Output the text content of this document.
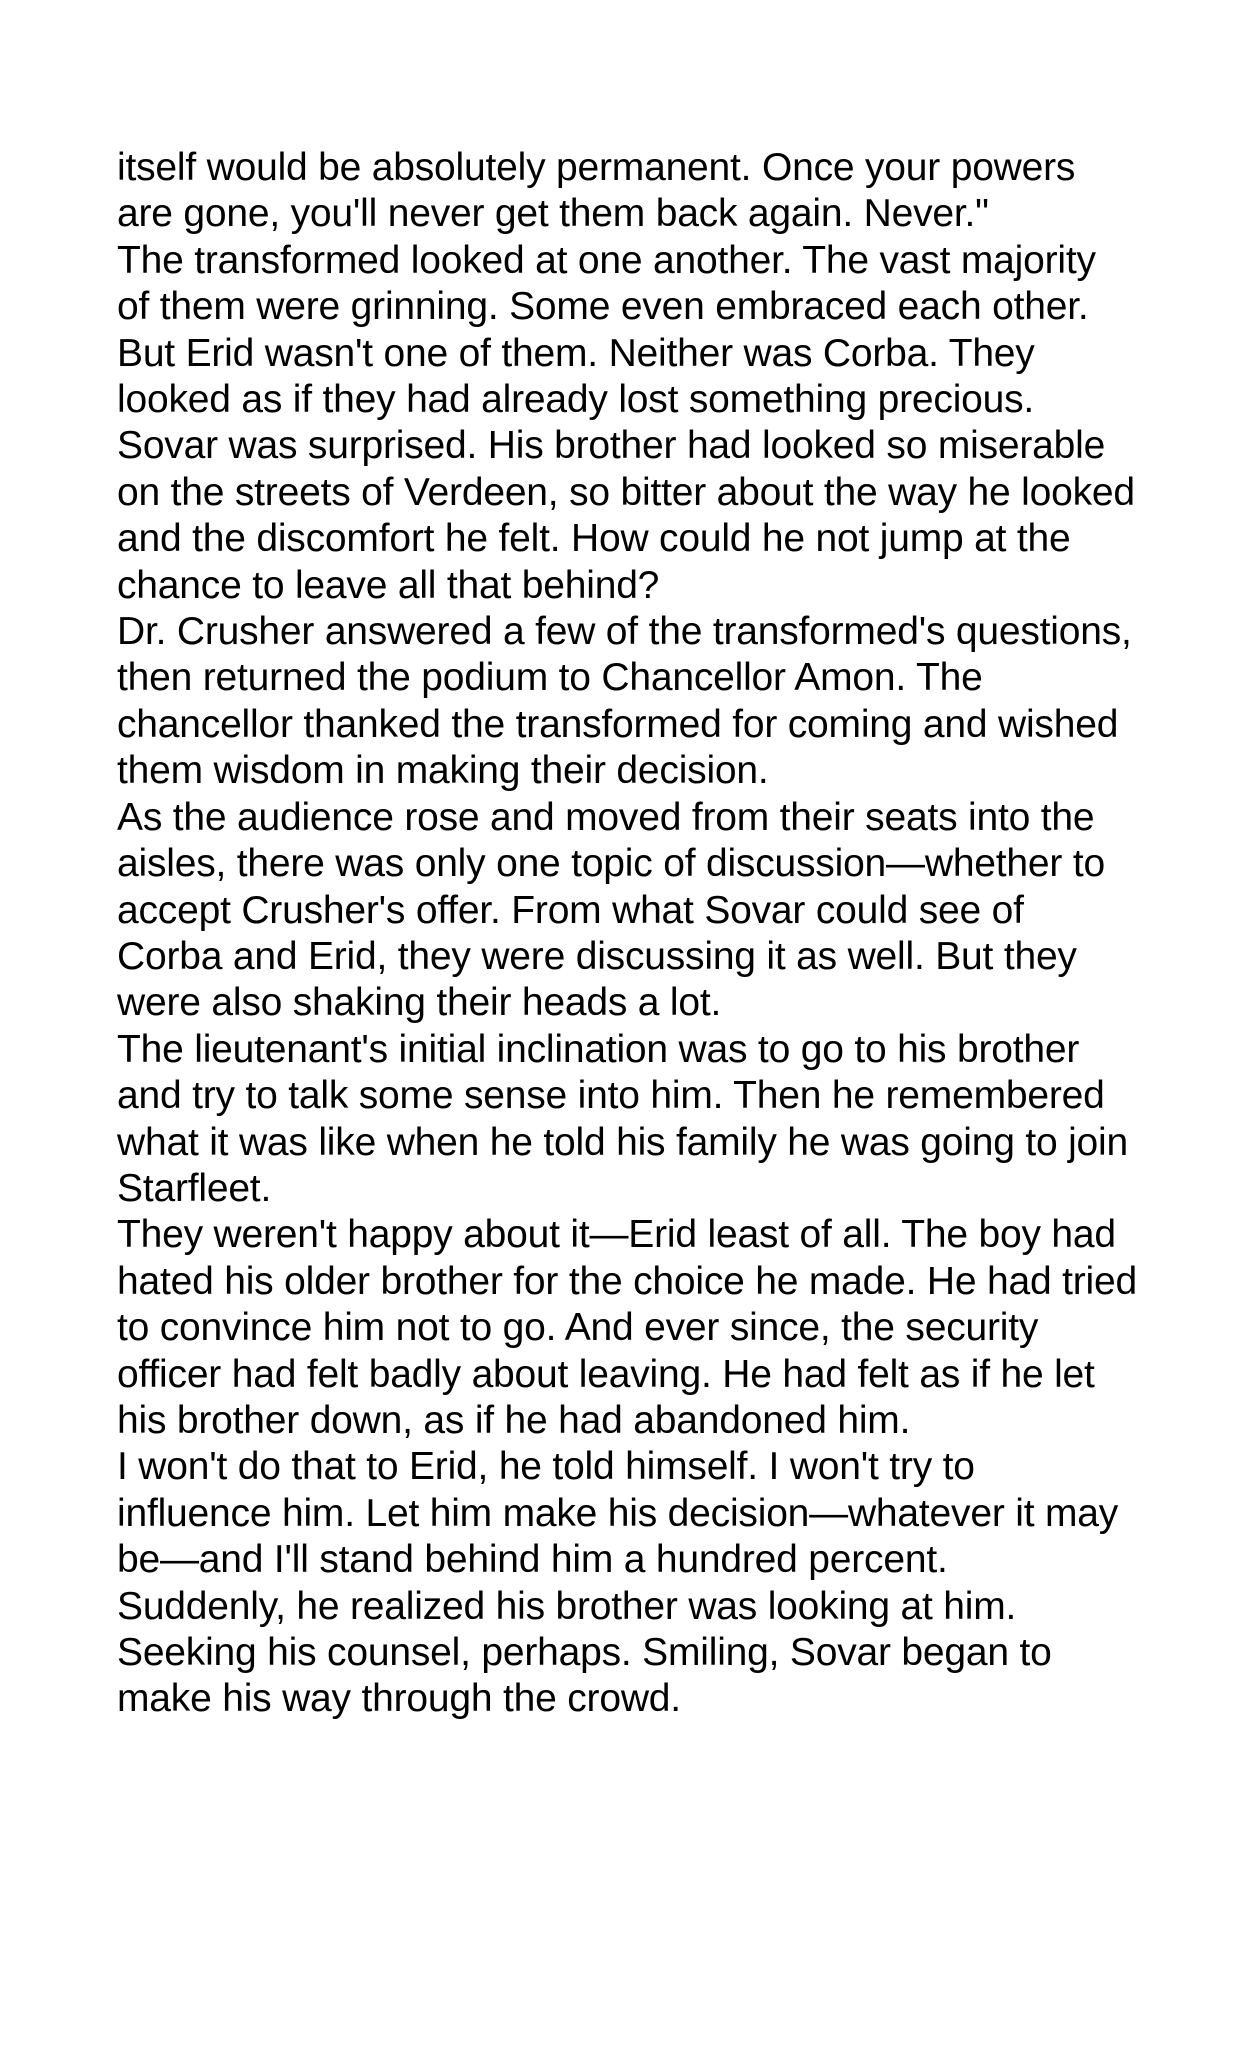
itself would be absolutely permanent. Once your powers are gone, you'll never get them back again. Never."

The transformed looked at one another. The vast majority of them were grinning. Some even embraced each other.

But Erid wasn't one of them. Neither was Corba. They looked as if they had already lost something precious.

Sovar was surprised. His brother had looked so miserable on the streets of Verdeen, so bitter about the way he looked and the discomfort he felt. How could he not jump at the chance to leave all that behind?

Dr. Crusher answered a few of the transformed's questions, then returned the podium to Chancellor Amon. The chancellor thanked the transformed for coming and wished them wisdom in making their decision.

As the audience rose and moved from their seats into the aisles, there was only one topic of discussion—whether to accept Crusher's offer. From what Sovar could see of Corba and Erid, they were discussing it as well. But they were also shaking their heads a lot.

The lieutenant's initial inclination was to go to his brother and try to talk some sense into him. Then he remembered what it was like when he told his family he was going to join Starfleet.

They weren't happy about it—Erid least of all. The boy had hated his older brother for the choice he made. He had tried to convince him not to go. And ever since, the security officer had felt badly about leaving. He had felt as if he let his brother down, as if he had abandoned him.

I won't do that to Erid, he told himself. I won't try to influence him. Let him make his decision—whatever it may be—and I'll stand behind him a hundred percent.

Suddenly, he realized his brother was looking at him. Seeking his counsel, perhaps. Smiling, Sovar began to make his way through the crowd.
